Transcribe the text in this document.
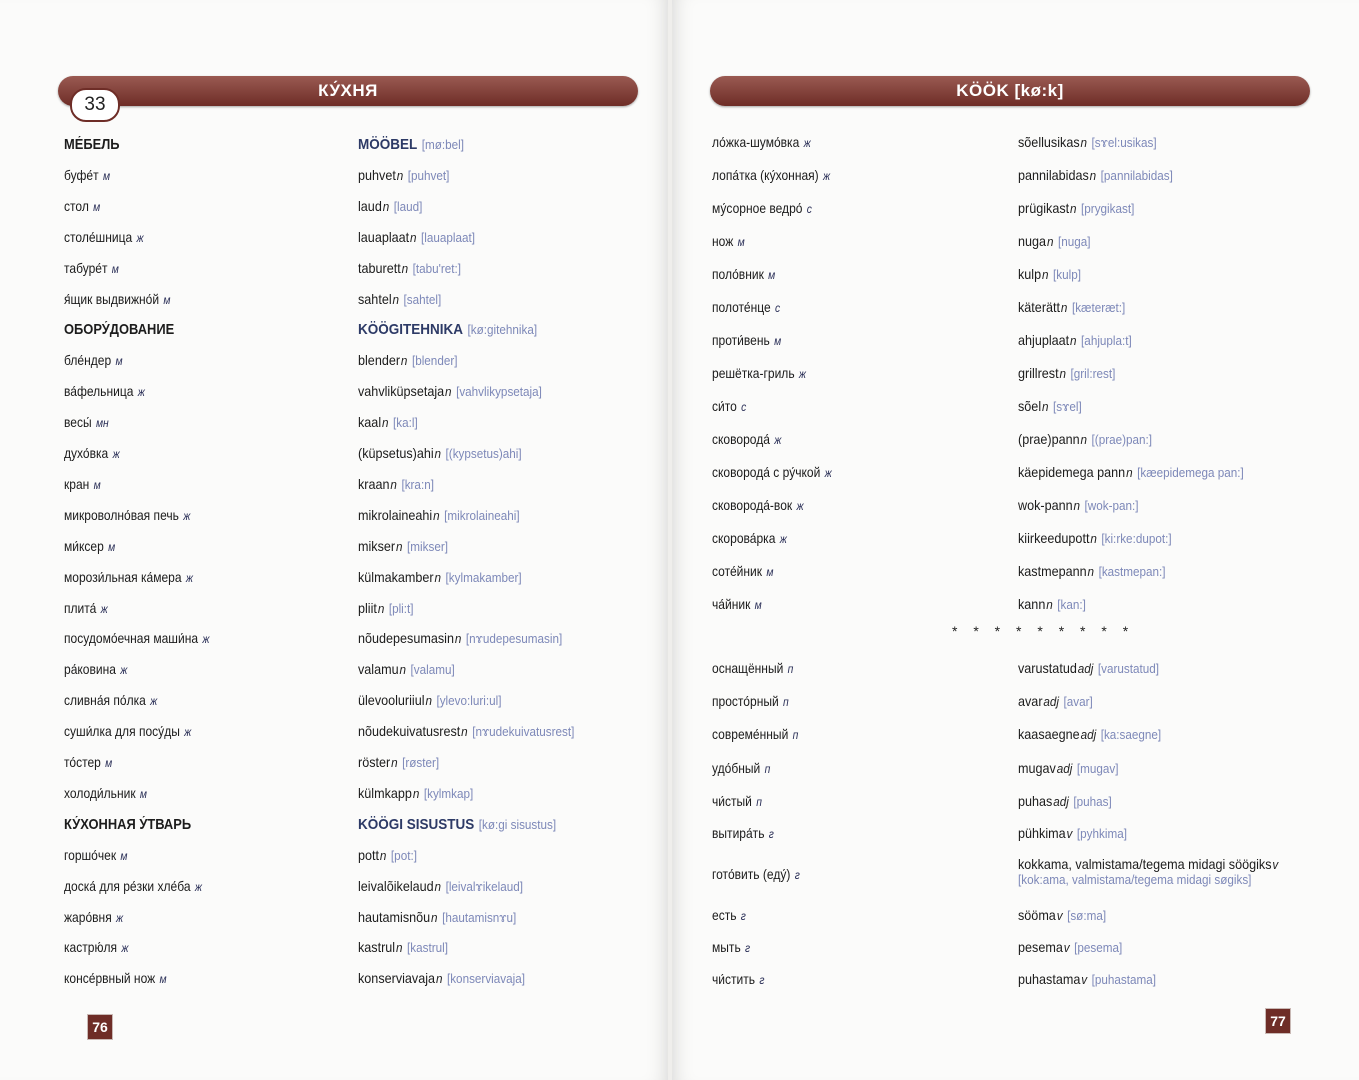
КУ́ХНЯ
33
МЕ́БЕЛЬ
буфе́т м
стол м
столе́шница ж
табуре́т м
я́щик выдвижно́й м
ОБОРУ́ДОВАНИЕ
бле́ндер м
ва́фельница ж
весы́ мн
духо́вка ж
кран м
микроволно́вая печь ж
ми́ксер м
морози́льная ка́мера ж
плита́ ж
посудомо́ечная маши́на ж
ра́ковина ж
сливна́я по́лка ж
суши́лка для посу́ды ж
то́стер м
холоди́льник м
КУ́ХОННАЯ У́ТВАРЬ
горшо́чек м
доска́ для ре́зки хле́ба ж
жаро́вня ж
кастрю́ля ж
консе́рвный нож м
MÖÖBEL [mø:bel]
puhvetn [puhvet]
laudn [laud]
lauaplaatn [lauaplaat]
taburettn [tabu'ret:]
sahteln [sahtel]
KÖÖGITEHNIKA [kø:gitehnika]
blendern [blender]
vahvliküpsetajan [vahvlikypsetaja]
kaaln [ka:l]
(küpsetus)ahin [(kypsetus)ahi]
kraann [kra:n]
mikrolaineahin [mikrolaineahi]
miksern [mikser]
külmakambern [kylmakamber]
pliitn [pli:t]
nõudepesumasinn [nɤudepesumasin]
valamun [valamu]
ülevooluriiuln [ylevo:luri:ul]
nõudekuivatusrestn [nɤudekuivatusrest]
röstern [røster]
külmkappn [kylmkap]
KÖÖGI SISUSTUS [kø:gi sisustus]
pottn [pot:]
leivalõikelaudn [leivalɤikelaud]
hautamisnõun [hautamisnɤu]
kastruln [kastrul]
konserviavajan [konserviavaja]
76
KÖÖK [kø:k]
ло́жка-шумо́вка ж
лопа́тка (ку́хонная) ж
му́сорное ведро́ с
нож м
поло́вник м
полоте́нце с
проти́вень м
решётка-гриль ж
си́то с
сковорода́ ж
сковорода́ с ру́чкой ж
сковорода́-вок ж
скорова́рка ж
соте́йник м
ча́йник м
оснащённый п
просто́рный п
совреме́нный п
удо́бный п
чи́стый п
вытира́ть г
гото́вить (еду́) г
есть г
мыть г
чи́стить г
sõellusikasn [sɤel:usikas]
pannilabidasn [pannilabidas]
prügikastn [prygikast]
nugan [nuga]
kulpn [kulp]
käterättn [kæteræt:]
ahjuplaatn [ahjupla:t]
grillrestn [gril:rest]
sõeln [sɤel]
(prae)pannn [(prae)pan:]
käepidemega pannn [kæepidemega pan:]
wok-pannn [wok-pan:]
kiirkeedupottn [ki:rke:dupot:]
kastmepannn [kastmepan:]
kannn [kan:]
varustatudadj [varustatud]
avaradj [avar]
kaasaegneadj [ka:saegne]
mugavadj [mugav]
puhasadj [puhas]
pühkimav [pyhkima]
kokkama, valmistama/tegema midagi söögiksv
[kok:ama, valmistama/tegema midagi søgiks]
söömav [sø:ma]
pesemav [pesema]
puhastamav [puhastama]
* * * * * * * * *
77
